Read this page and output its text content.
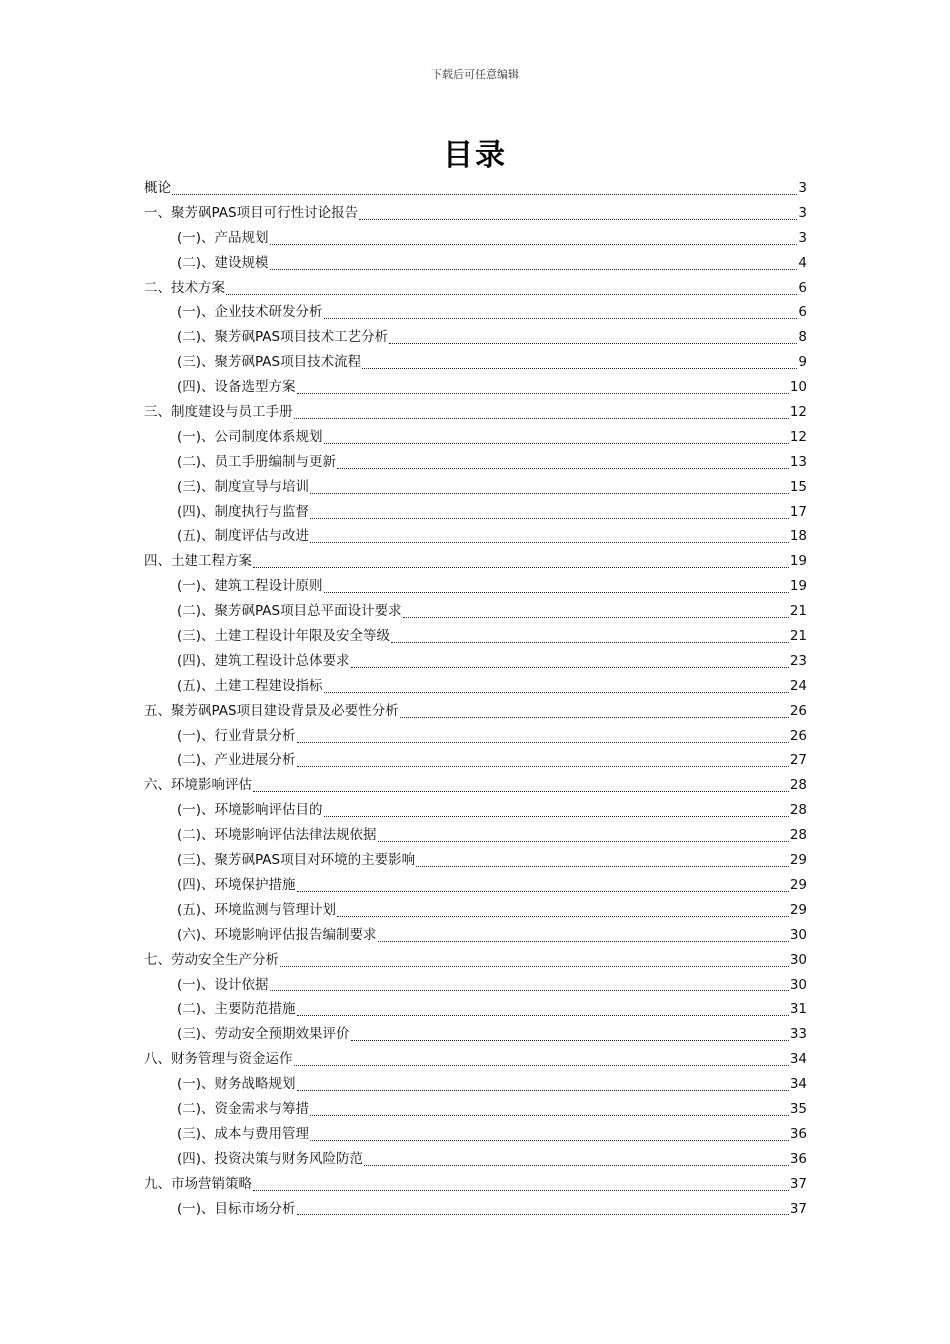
下载后可任意编辑
目录
概论	3
一、聚芳砜PAS项目可行性讨论报告	3
(一)、产品规划	3
(二)、建设规模	4
二、技术方案	6
(一)、企业技术研发分析	6
(二)、聚芳砜PAS项目技术工艺分析	8
(三)、聚芳砜PAS项目技术流程	9
(四)、设备选型方案	10
三、制度建设与员工手册	12
(一)、公司制度体系规划	12
(二)、员工手册编制与更新	13
(三)、制度宣导与培训	15
(四)、制度执行与监督	17
(五)、制度评估与改进	18
四、土建工程方案	19
(一)、建筑工程设计原则	19
(二)、聚芳砜PAS项目总平面设计要求	21
(三)、土建工程设计年限及安全等级	21
(四)、建筑工程设计总体要求	23
(五)、土建工程建设指标	24
五、聚芳砜PAS项目建设背景及必要性分析	26
(一)、行业背景分析	26
(二)、产业进展分析	27
六、环境影响评估	28
(一)、环境影响评估目的	28
(二)、环境影响评估法律法规依据	28
(三)、聚芳砜PAS项目对环境的主要影响	29
(四)、环境保护措施	29
(五)、环境监测与管理计划	29
(六)、环境影响评估报告编制要求	30
七、劳动安全生产分析	30
(一)、设计依据	30
(二)、主要防范措施	31
(三)、劳动安全预期效果评价	33
八、财务管理与资金运作	34
(一)、财务战略规划	34
(二)、资金需求与筹措	35
(三)、成本与费用管理	36
(四)、投资决策与财务风险防范	36
九、市场营销策略	37
(一)、目标市场分析	37
